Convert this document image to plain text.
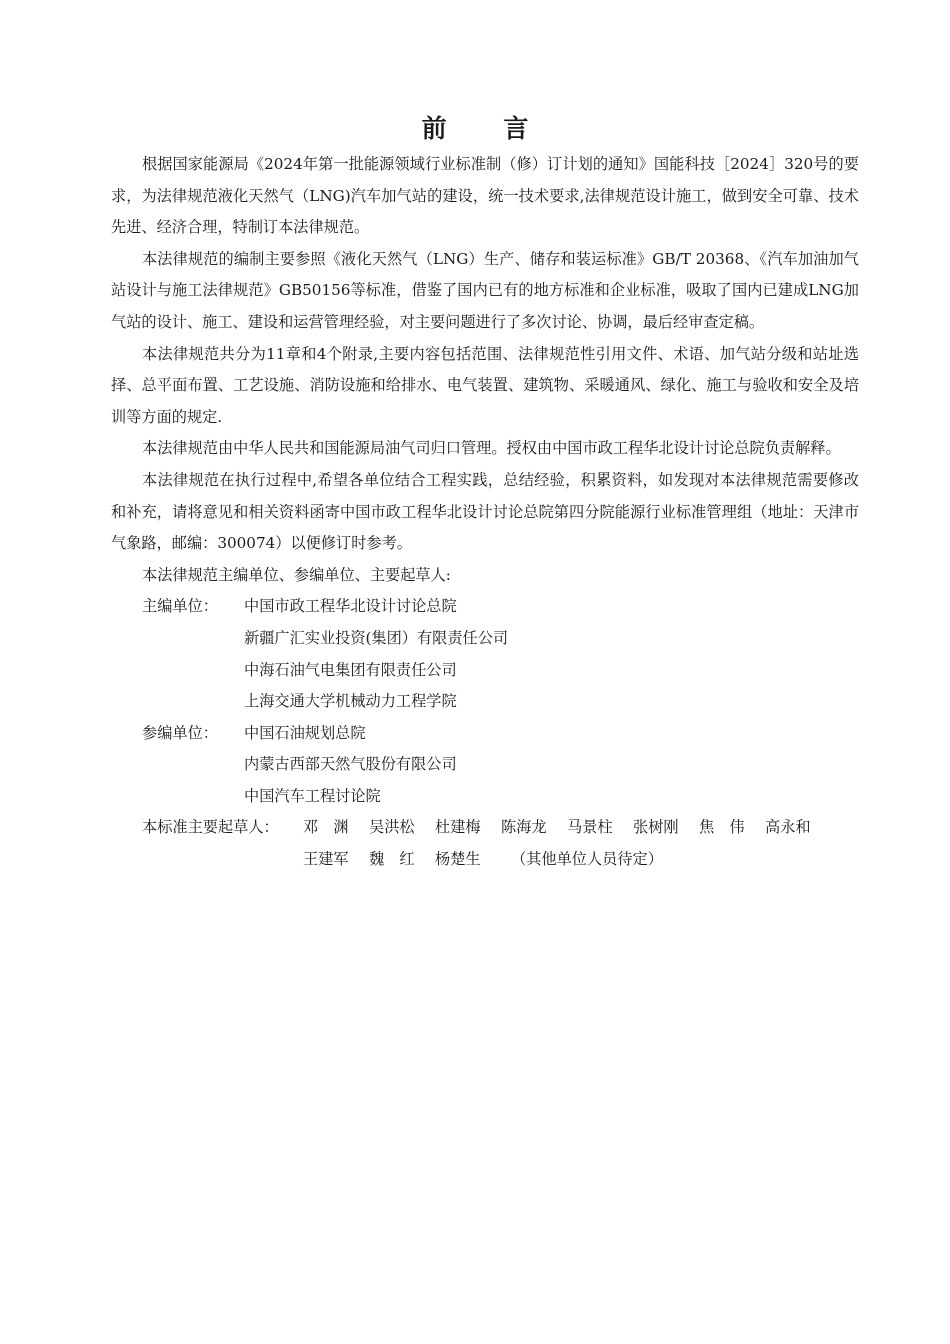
前 言

根据国家能源局《2024年第一批能源领域行业标准制（修）订计划的通知》国能科技［2024］320号的要求，为法律规范液化天然气（LNG)汽车加气站的建设，统一技术要求,法律规范设计施工，做到安全可靠、技术先进、经济合理，特制订本法律规范。

本法律规范的编制主要参照《液化天然气（LNG）生产、储存和装运标准》GB/T 20368、《汽车加油加气站设计与施工法律规范》GB50156等标准，借鉴了国内已有的地方标准和企业标准，吸取了国内已建成LNG加气站的设计、施工、建设和运营管理经验，对主要问题进行了多次讨论、协调，最后经审查定稿。

本法律规范共分为11章和4个附录,主要内容包括范围、法律规范性引用文件、术语、加气站分级和站址选择、总平面布置、工艺设施、消防设施和给排水、电气装置、建筑物、采暖通风、绿化、施工与验收和安全及培训等方面的规定.

本法律规范由中华人民共和国能源局油气司归口管理。授权由中国市政工程华北设计讨论总院负责解释。

本法律规范在执行过程中,希望各单位结合工程实践，总结经验，积累资料，如发现对本法律规范需要修改和补充，请将意见和相关资料函寄中国市政工程华北设计讨论总院第四分院能源行业标准管理组（地址：天津市气象路，邮编：300074）以便修订时参考。

本法律规范主编单位、参编单位、主要起草人:

主编单位：	中国市政工程华北设计讨论总院
新疆广汇实业投资(集团）有限责任公司
中海石油气电集团有限责任公司
上海交通大学机械动力工程学院
参编单位：	中国石油规划总院
内蒙古西部天然气股份有限公司
中国汽车工程讨论院
本标准主要起草人：	邓　渊	吴洪松	杜建梅	陈海龙	马景柱	张树刚	焦　伟	高永和
王建军	魏　红	杨楚生	（其他单位人员待定）
